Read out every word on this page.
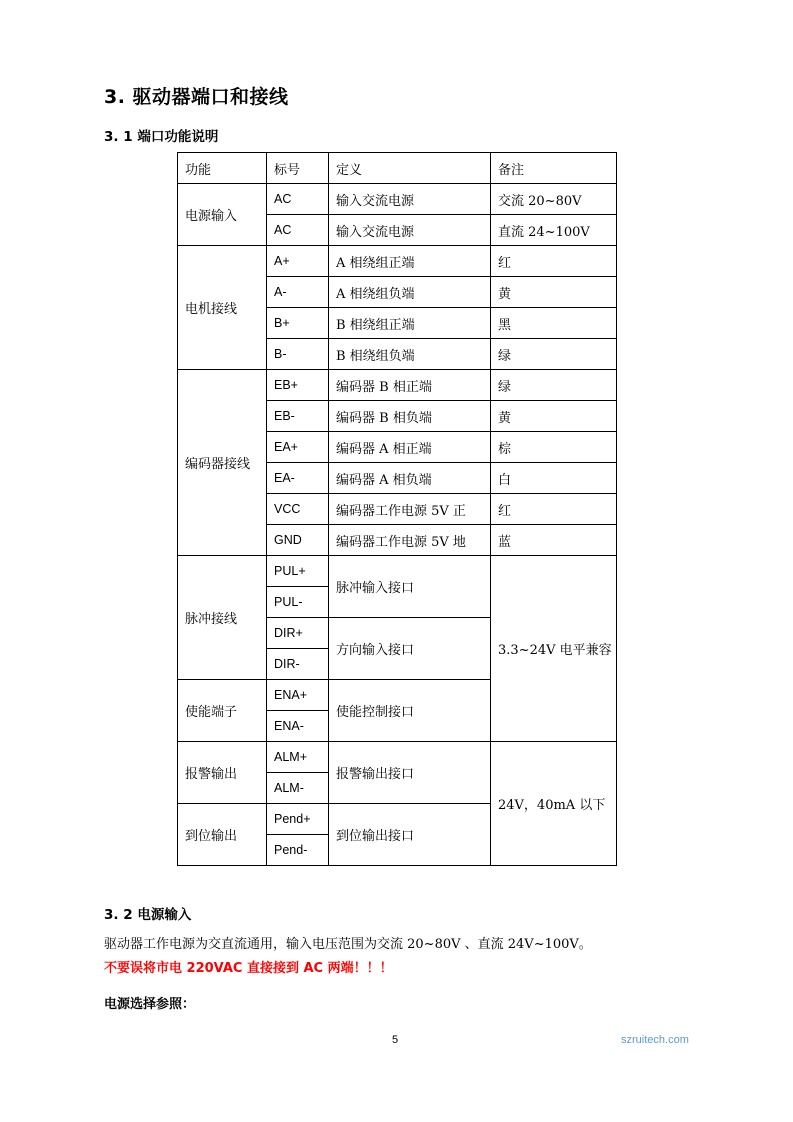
3. 驱动器端口和接线
3. 1 端口功能说明
功能	标号	定义	备注
电源输入	AC	输入交流电源	交流 20~80V
	AC	输入交流电源	直流 24~100V
电机接线	A+	A 相绕组正端	红
	A-	A 相绕组负端	黄
	B+	B 相绕组正端	黑
	B-	B 相绕组负端	绿
编码器接线	EB+	编码器 B 相正端	绿
	EB-	编码器 B 相负端	黄
	EA+	编码器 A 相正端	棕
	EA-	编码器 A 相负端	白
	VCC	编码器工作电源 5V 正	红
	GND	编码器工作电源 5V 地	蓝
脉冲接线	PUL+	脉冲输入接口	3.3~24V 电平兼容
	PUL-		
	DIR+	方向输入接口	
	DIR-		
使能端子	ENA+	使能控制接口	
	ENA-		
报警输出	ALM+	报警输出接口	24V，40mA 以下
	ALM-		
到位输出	Pend+	到位输出接口	
	Pend-		
3. 2 电源输入
驱动器工作电源为交直流通用，输入电压范围为交流 20~80V 、直流 24V~100V。
不要误将市电 220VAC 直接接到 AC 两端！！！
电源选择参照：
5	szruitech.com
